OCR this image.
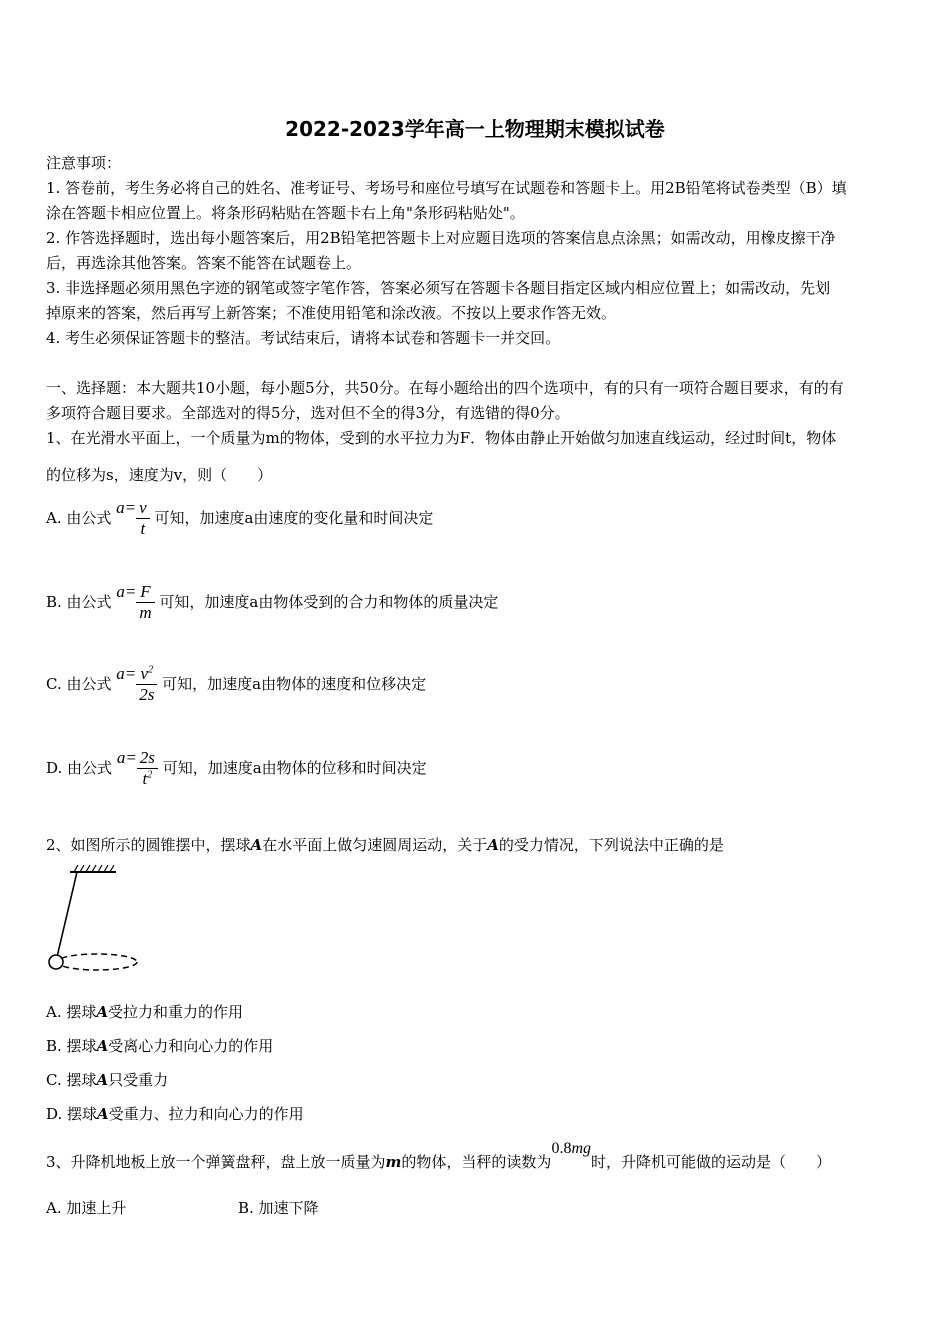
2022-2023学年高一上物理期末模拟试卷
注意事项：
1. 答卷前，考生务必将自己的姓名、准考证号、考场号和座位号填写在试题卷和答题卡上。用2B铅笔将试卷类型（B）填
涂在答题卡相应位置上。将条形码粘贴在答题卡右上角"条形码粘贴处"。
2. 作答选择题时，选出每小题答案后，用2B铅笔把答题卡上对应题目选项的答案信息点涂黑；如需改动，用橡皮擦干净
后，再选涂其他答案。答案不能答在试题卷上。
3. 非选择题必须用黑色字迹的钢笔或签字笔作答，答案必须写在答题卡各题目指定区域内相应位置上；如需改动，先划
掉原来的答案，然后再写上新答案；不准使用铅笔和涂改液。不按以上要求作答无效。
4. 考生必须保证答题卡的整洁。考试结束后，请将本试卷和答题卡一并交回。
一、选择题：本大题共10小题，每小题5分，共50分。在每小题给出的四个选项中，有的只有一项符合题目要求，有的有
多项符合题目要求。全部选对的得5分，选对但不全的得3分，有选错的得0分。
1、在光滑水平面上，一个质量为m的物体，受到的水平拉力为F．物体由静止开始做匀加速直线运动，经过时间t，物体
的位移为s，速度为v，则（　　）
A. 由公式 $a= \frac{v}{t}$ 可知，加速度a由速度的变化量和时间决定
B. 由公式 $a= \frac{F}{m}$ 可知，加速度a由物体受到的合力和物体的质量决定
C. 由公式 $a= \frac{v^2}{2s}$ 可知，加速度a由物体的速度和位移决定
D. 由公式 $a= \frac{2s}{t^2}$ 可知，加速度a由物体的位移和时间决定
2、如图所示的圆锥摆中，摆球A在水平面上做匀速圆周运动，关于A的受力情况，下列说法中正确的是
A. 摆球A受拉力和重力的作用
B. 摆球A受离心力和向心力的作用
C. 摆球A只受重力
D. 摆球A受重力、拉力和向心力的作用
3、升降机地板上放一个弹簧盘秤，盘上放一质量为m的物体，当秤的读数为0.8mg时，升降机可能做的运动是（　　）
A. 加速上升	B. 加速下降
